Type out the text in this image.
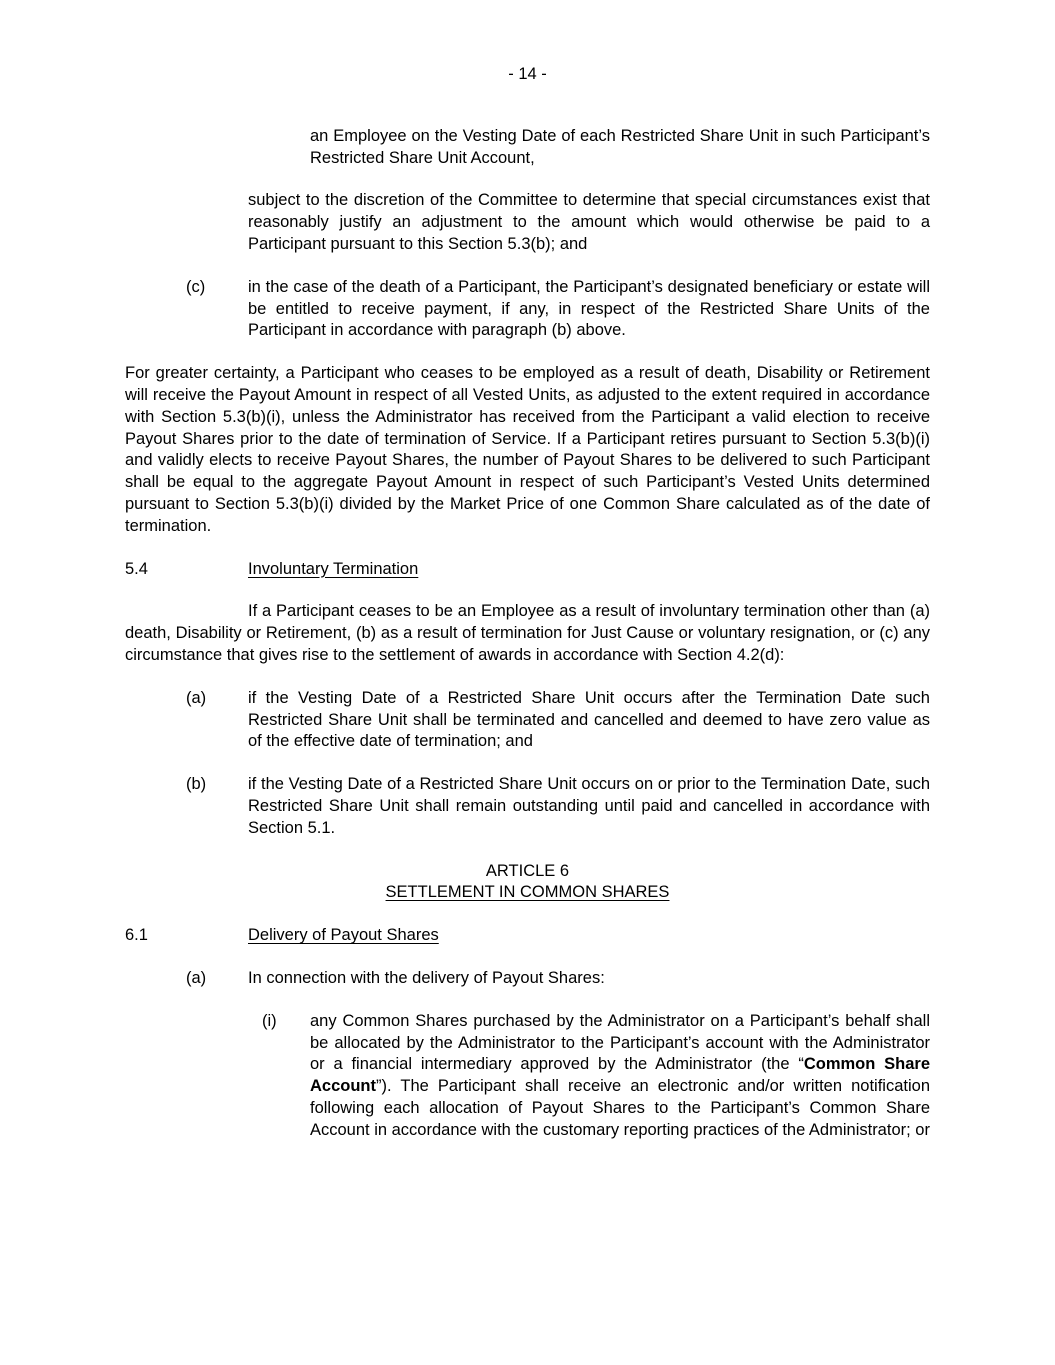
- 14 -

an Employee on the Vesting Date of each Restricted Share Unit in such Participant’s Restricted Share Unit Account,

subject to the discretion of the Committee to determine that special circumstances exist that reasonably justify an adjustment to the amount which would otherwise be paid to a Participant pursuant to this Section 5.3(b); and

(c)	in the case of the death of a Participant, the Participant’s designated beneficiary or estate will be entitled to receive payment, if any, in respect of the Restricted Share Units of the Participant in accordance with paragraph (b) above.

For greater certainty, a Participant who ceases to be employed as a result of death, Disability or Retirement will receive the Payout Amount in respect of all Vested Units, as adjusted to the extent required in accordance with Section 5.3(b)(i), unless the Administrator has received from the Participant a valid election to receive Payout Shares prior to the date of termination of Service. If a Participant retires pursuant to Section 5.3(b)(i) and validly elects to receive Payout Shares, the number of Payout Shares to be delivered to such Participant shall be equal to the aggregate Payout Amount in respect of such Participant’s Vested Units determined pursuant to Section 5.3(b)(i) divided by the Market Price of one Common Share calculated as of the date of termination.

5.4	Involuntary Termination

If a Participant ceases to be an Employee as a result of involuntary termination other than (a) death, Disability or Retirement, (b) as a result of termination for Just Cause or voluntary resignation, or (c) any circumstance that gives rise to the settlement of awards in accordance with Section 4.2(d):

(a)	if the Vesting Date of a Restricted Share Unit occurs after the Termination Date such Restricted Share Unit shall be terminated and cancelled and deemed to have zero value as of the effective date of termination; and

(b)	if the Vesting Date of a Restricted Share Unit occurs on or prior to the Termination Date, such Restricted Share Unit shall remain outstanding until paid and cancelled in accordance with Section 5.1.

ARTICLE 6
SETTLEMENT IN COMMON SHARES
6.1	Delivery of Payout Shares
(a)	In connection with the delivery of Payout Shares:

(i) any Common Shares purchased by the Administrator on a Participant’s behalf shall be allocated by the Administrator to the Participant’s account with the Administrator or a financial intermediary approved by the Administrator (the “Common Share Account”). The Participant shall receive an electronic and/or written notification following each allocation of Payout Shares to the Participant’s Common Share Account in accordance with the customary reporting practices of the Administrator; or
